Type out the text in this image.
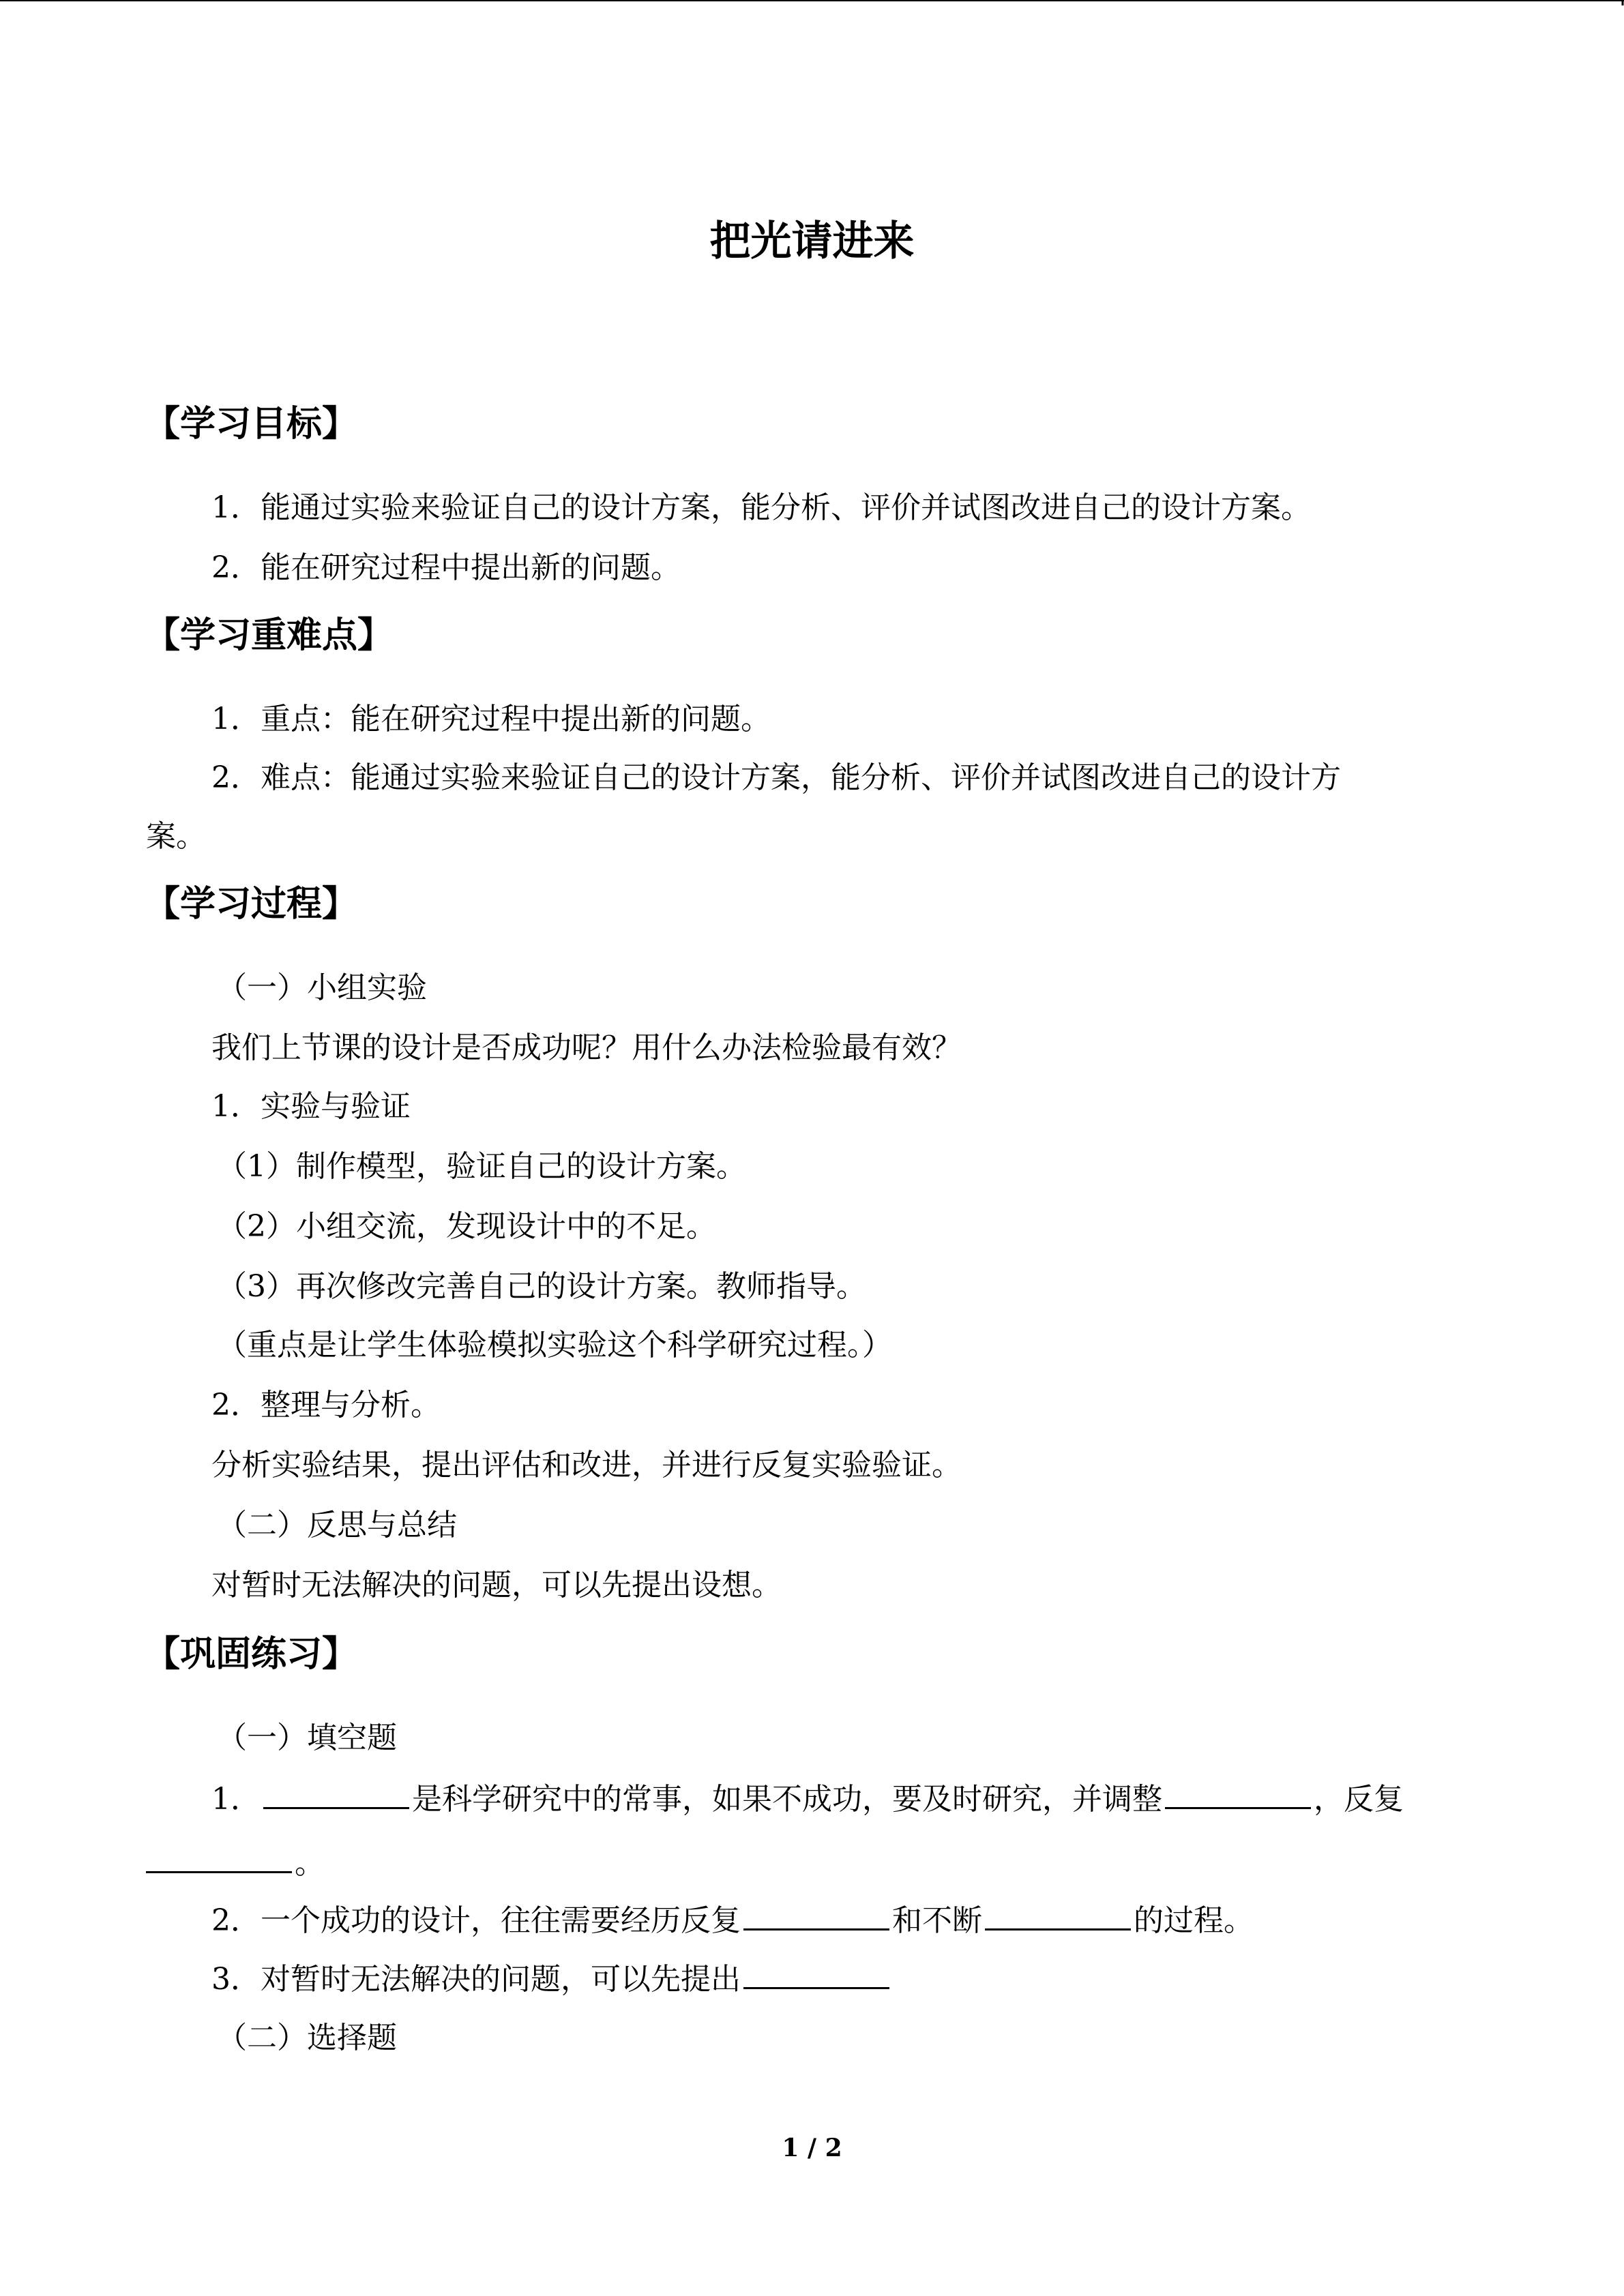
把光请进来
【学习目标】
1．能通过实验来验证自己的设计方案，能分析、评价并试图改进自己的设计方案。
2．能在研究过程中提出新的问题。
【学习重难点】
1．重点：能在研究过程中提出新的问题。
2．难点：能通过实验来验证自己的设计方案，能分析、评价并试图改进自己的设计方
案。
【学习过程】
（一）小组实验
我们上节课的设计是否成功呢？用什么办法检验最有效？
1．实验与验证
（1）制作模型，验证自己的设计方案。
（2）小组交流，发现设计中的不足。
（3）再次修改完善自己的设计方案。教师指导。
（重点是让学生体验模拟实验这个科学研究过程。）
2．整理与分析。
分析实验结果，提出评估和改进，并进行反复实验验证。
（二）反思与总结
对暂时无法解决的问题，可以先提出设想。
【巩固练习】
（一）填空题
1．	是科学研究中的常事，如果不成功，要及时研究，并调整	，反复
。
2．一个成功的设计，往往需要经历反复	和不断	的过程。
3．对暂时无法解决的问题，可以先提出
（二）选择题
1 / 2
